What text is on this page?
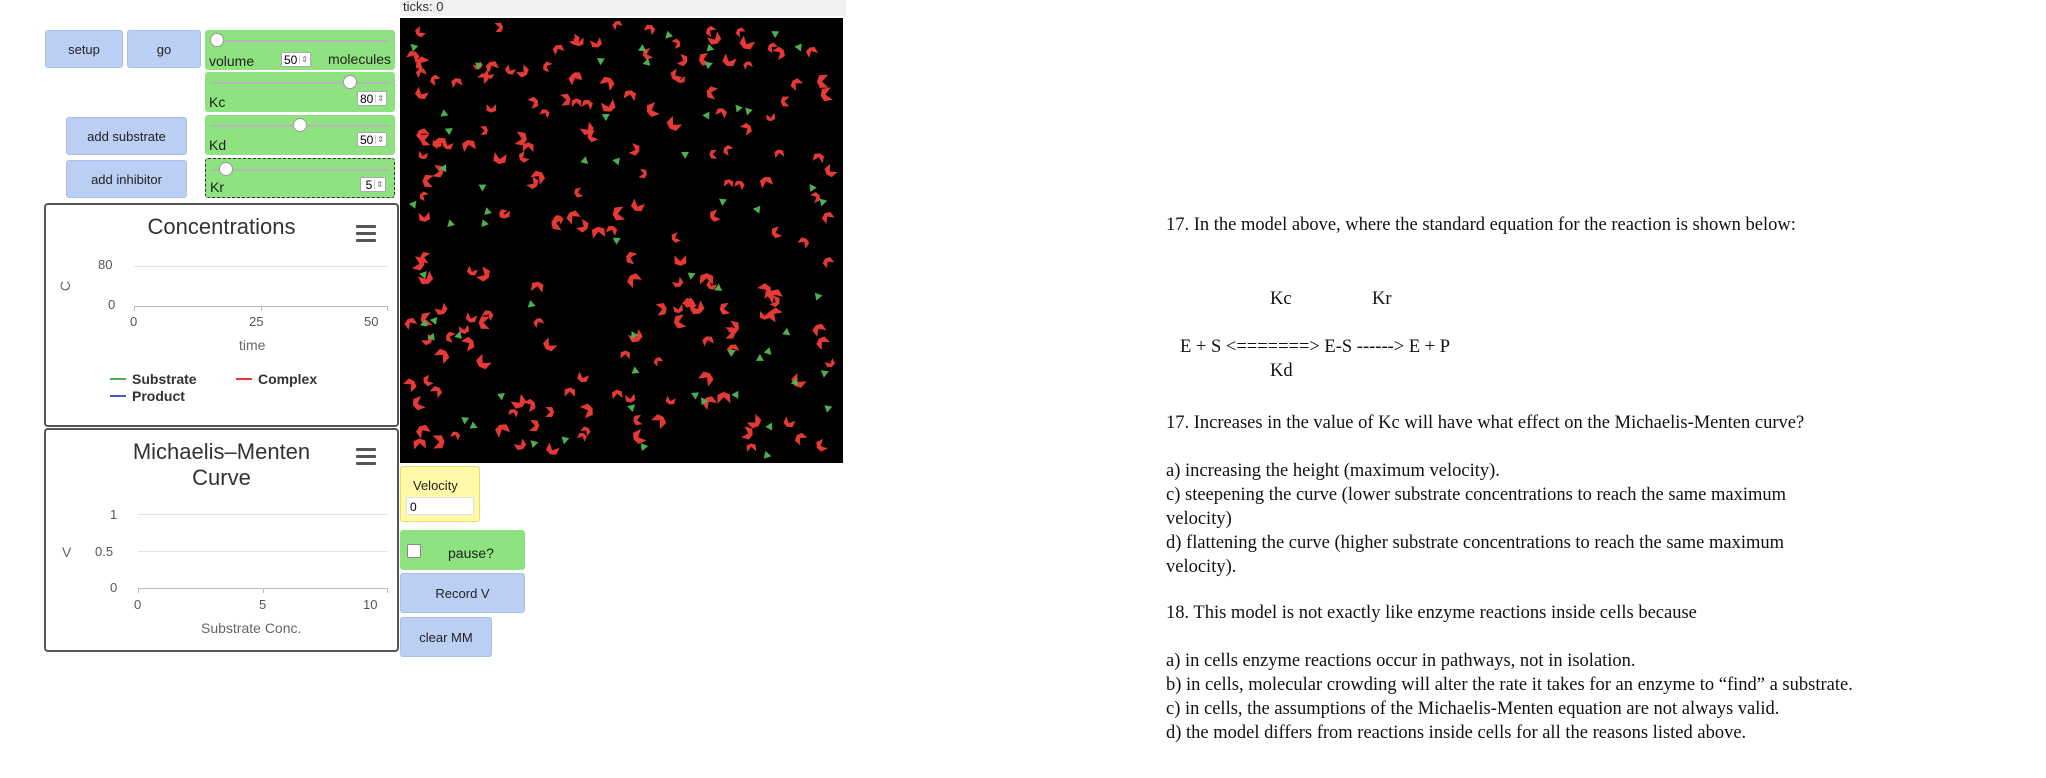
ticks: 0
setup	go
add substrate
add inhibitor
volume 50 ⇕ molecules
Kc	80 ⇕
Kd	50 ⇕
Kr	5 ⇕
Concentrations
C
80
0
0	25	50
time
Substrate	Complex
Product
Michaelis–Menten
Curve
V
1
0.5
0
0	5	10
Substrate Conc.
Velocity
0
pause?
Record V
clear MM

17. In the model above, where the standard equation for the reaction is shown below:

Kc	Kr
E + S <=======> E-S ------> E + P
Kd

17. Increases in the value of Kc will have what effect on the Michaelis-Menten curve?

a) increasing the height (maximum velocity).

c) steepening the curve (lower substrate concentrations to reach the same maximum

velocity)

d) flattening the curve (higher substrate concentrations to reach the same maximum

velocity).

18. This model is not exactly like enzyme reactions inside cells because

a) in cells enzyme reactions occur in pathways, not in isolation.

b) in cells, molecular crowding will alter the rate it takes for an enzyme to “find” a substrate.

c) in cells, the assumptions of the Michaelis-Menten equation are not always valid.

d) the model differs from reactions inside cells for all the reasons listed above.
